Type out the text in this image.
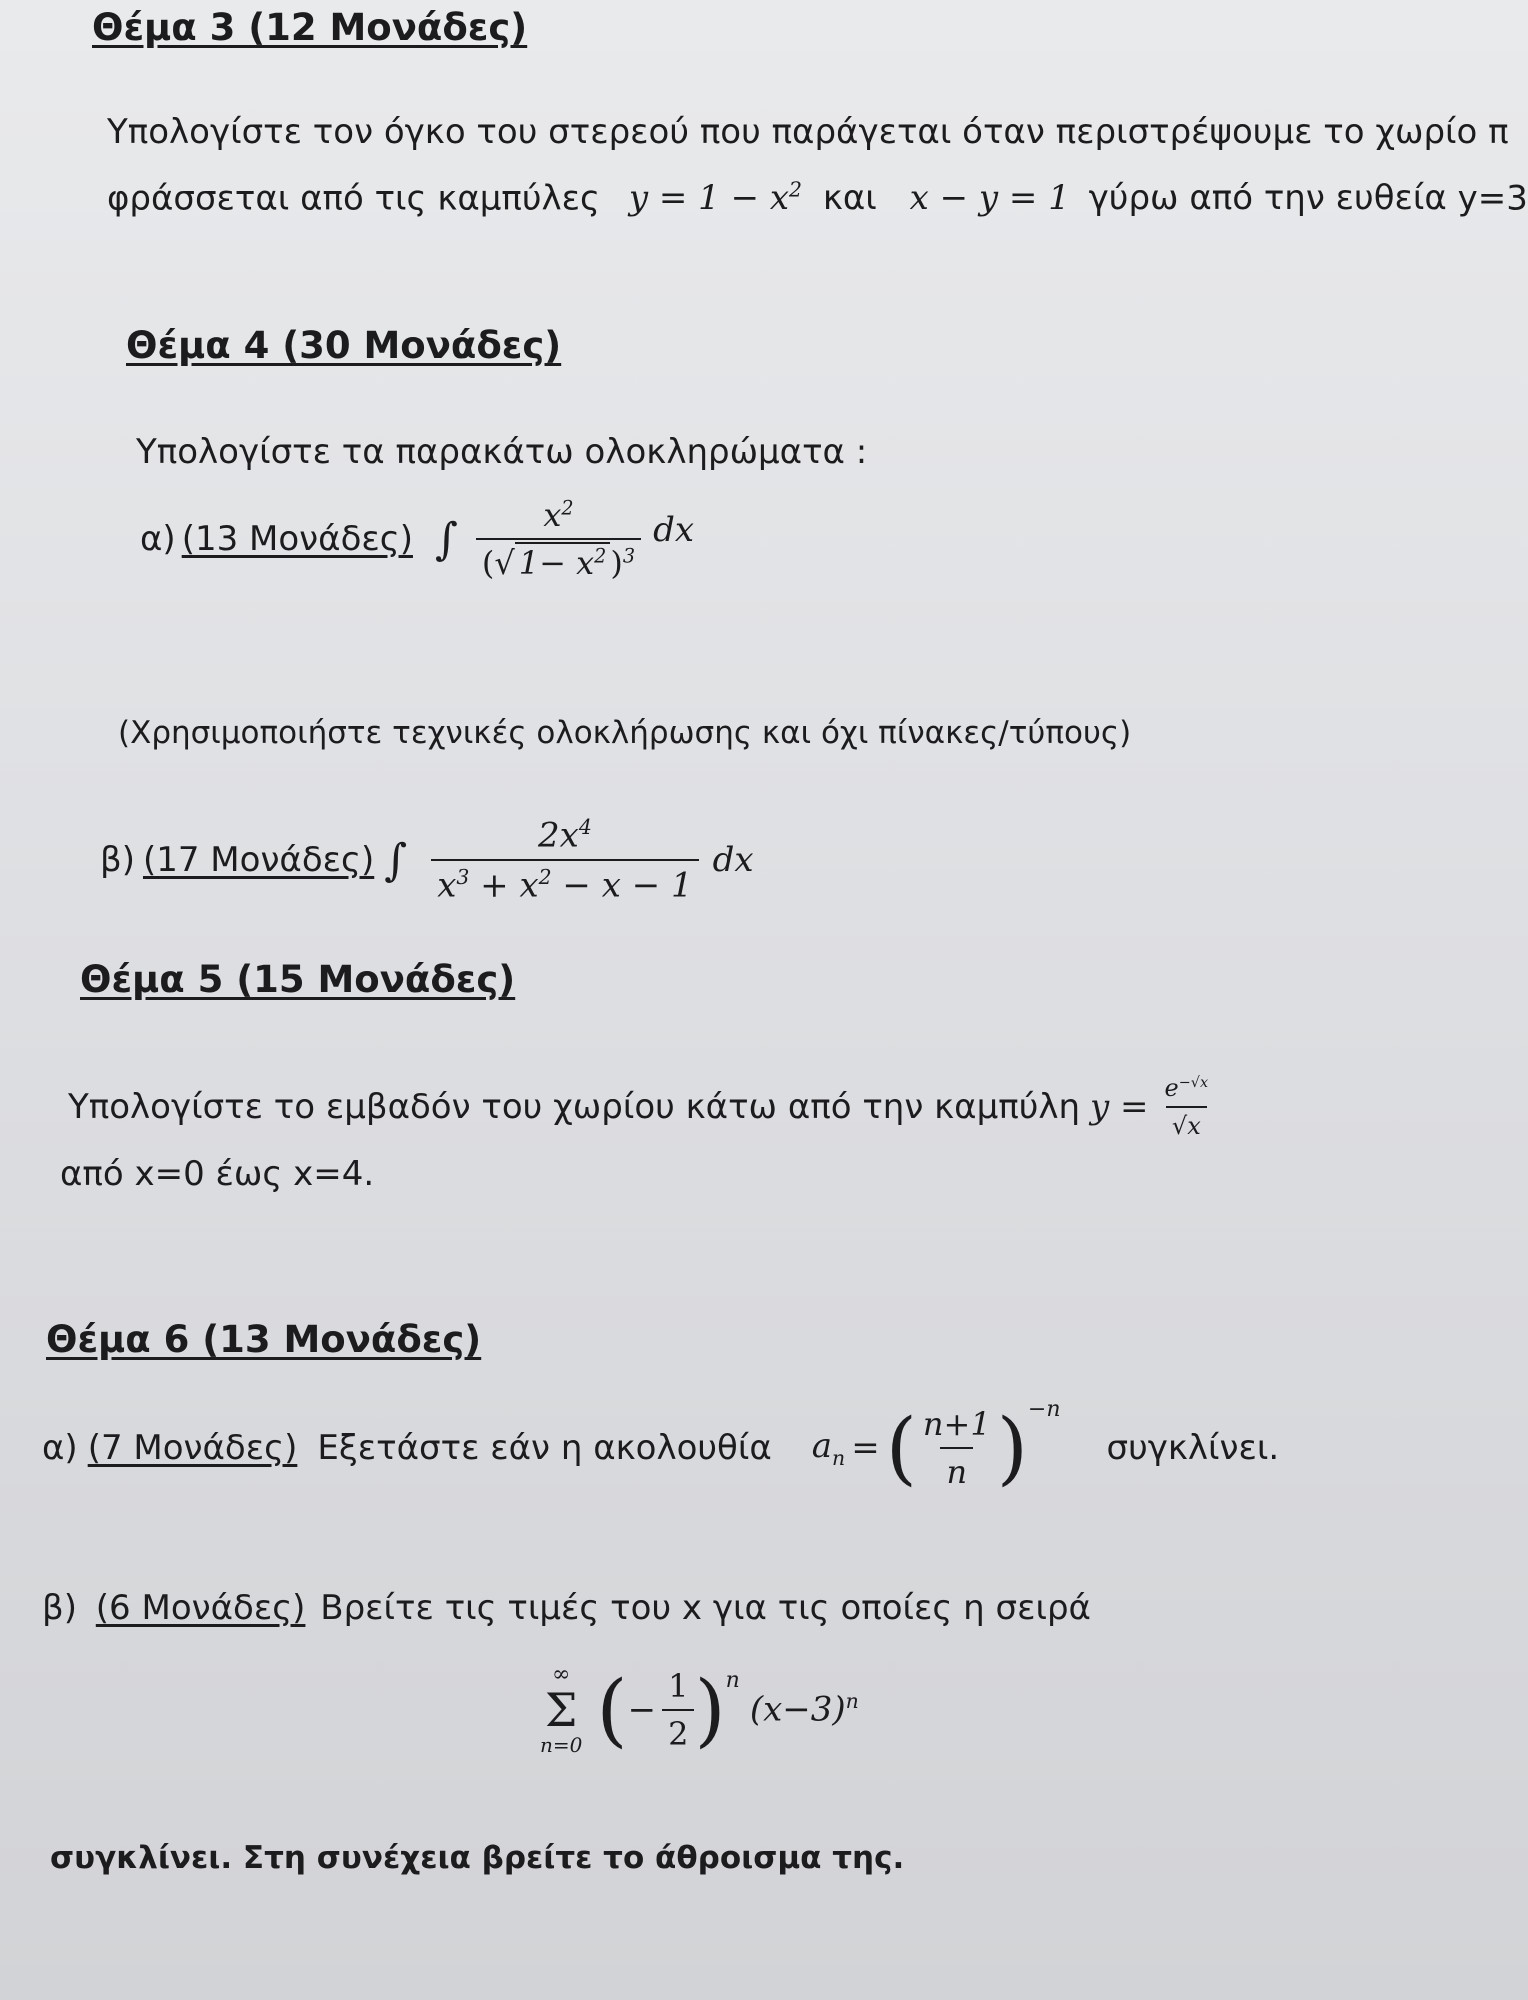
Θέμα 3 (12 Μονάδες)
Υπολογίστε τον όγκο του στερεού που παράγεται όταν περιστρέψουμε το χωρίο π
φράσσεται από τις καμπύλες $y = 1 - x^2$ και x − y = 1 γύρω από την ευθεία y=3
Θέμα 4 (30 Μονάδες)
Υπολογίστε τα παρακάτω ολοκληρώματα :
α) (13 Μονάδες) ∫ $\frac{x^2}{(√ 1- x^2 )^3}$ dx
(Χρησιμοποιήστε τεχνικές ολοκλήρωσης και όχι πίνακες/τύπους)
β) (17 Μονάδες) ∫ $\frac{2x^4}{x^3 + x^2 - x - 1}$ dx
Θέμα 5 (15 Μονάδες)
Υπολογίστε το εμβαδόν του χωρίου κάτω από την καμπύλη $y = \frac{e^{-√x}}{√x}$
από x=0 έως x=4.
Θέμα 6 (13 Μονάδες)
α) (7 Μονάδες) Εξετάστε εάν η ακολουθία $a_n$ = ( $\frac{n+1}{n}$ ) −n
συγκλίνει.
β) (6 Μονάδες) Βρείτε τις τιμές του x για τις οποίες η σειρά
∞
Σ
n=0 ( − $\frac{1}{2}$ ) n
$(x-3)^n$
συγκλίνει. Στη συνέχεια βρείτε το άθροισμα της.
